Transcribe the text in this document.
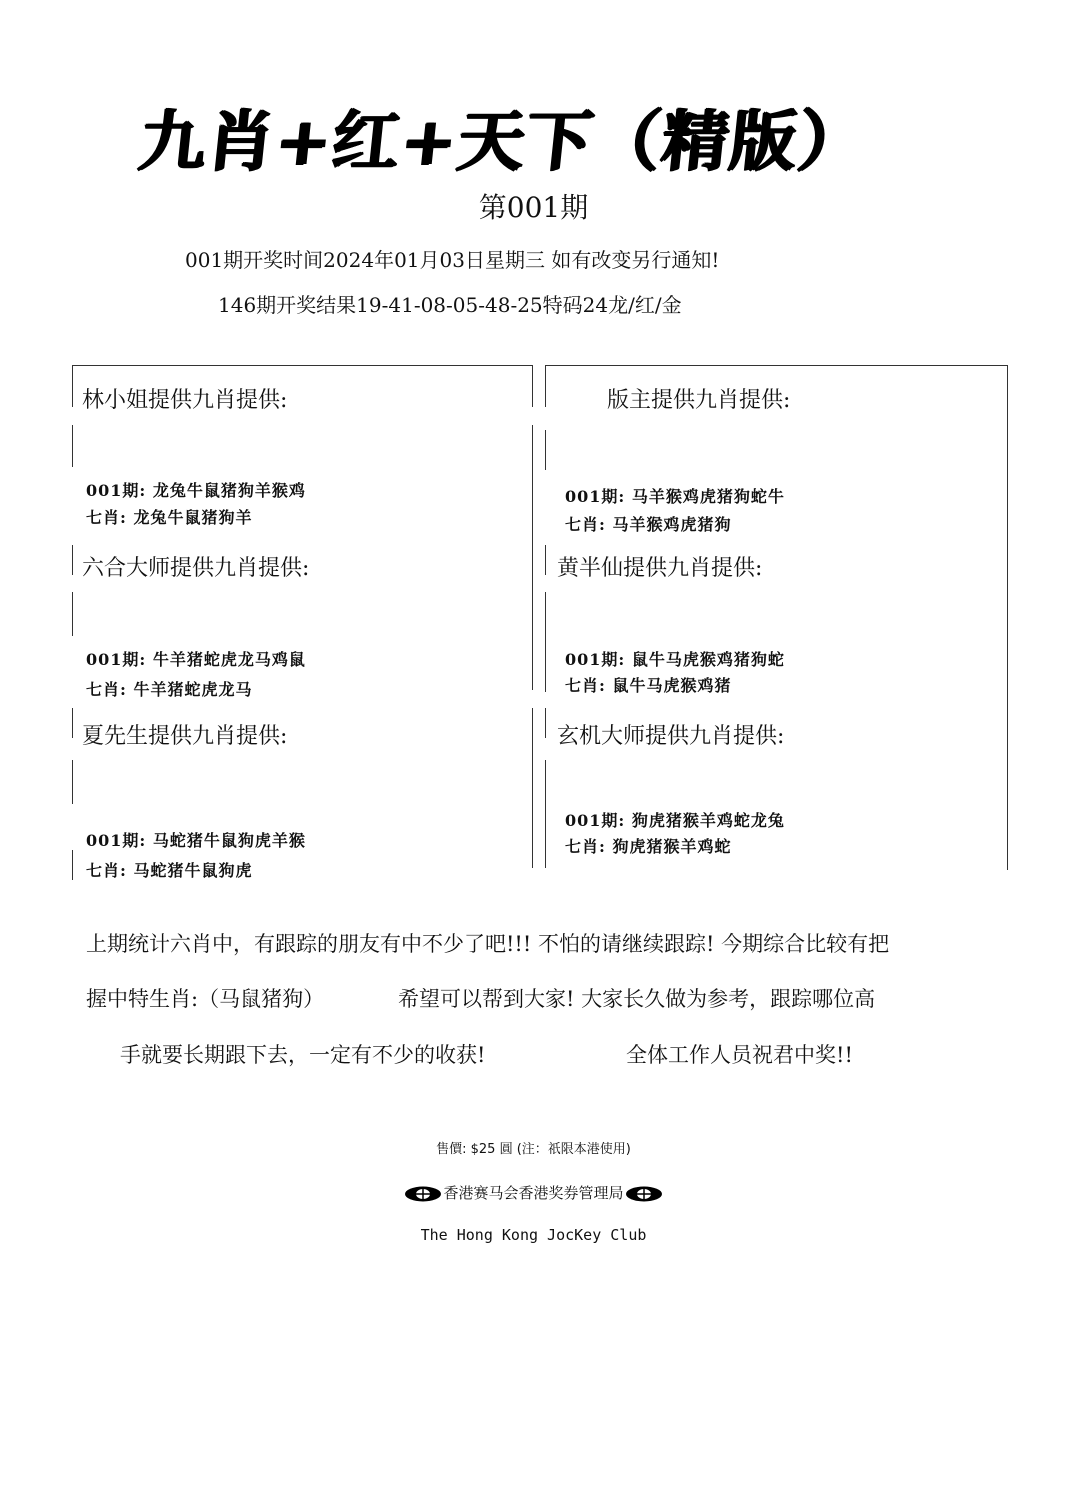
九肖+红+天下（精版）
第001期
001期开奖时间2024年01月03日星期三 如有改变另行通知!
146期开奖结果19-41-08-05-48-25特码24龙/红/金
林小姐提供九肖提供:
001期: 龙兔牛鼠猪狗羊猴鸡
七肖: 龙兔牛鼠猪狗羊
版主提供九肖提供:
001期: 马羊猴鸡虎猪狗蛇牛
七肖: 马羊猴鸡虎猪狗
六合大师提供九肖提供:
001期: 牛羊猪蛇虎龙马鸡鼠
七肖: 牛羊猪蛇虎龙马
黄半仙提供九肖提供:
001期: 鼠牛马虎猴鸡猪狗蛇
七肖: 鼠牛马虎猴鸡猪
夏先生提供九肖提供:
001期: 马蛇猪牛鼠狗虎羊猴
七肖: 马蛇猪牛鼠狗虎
玄机大师提供九肖提供:
001期: 狗虎猪猴羊鸡蛇龙兔
七肖: 狗虎猪猴羊鸡蛇
上期统计六肖中，有跟踪的朋友有中不少了吧!!! 不怕的请继续跟踪! 今期综合比较有把
握中特生肖:（马鼠猪狗）	希望可以帮到大家! 大家长久做为参考，跟踪哪位高
手就要长期跟下去，一定有不少的收获!	全体工作人员祝君中奖!!
售價: $25 圓 (注：祇限本港使用)
香港赛马会香港奖券管理局
The Hong Kong JocKey Club
